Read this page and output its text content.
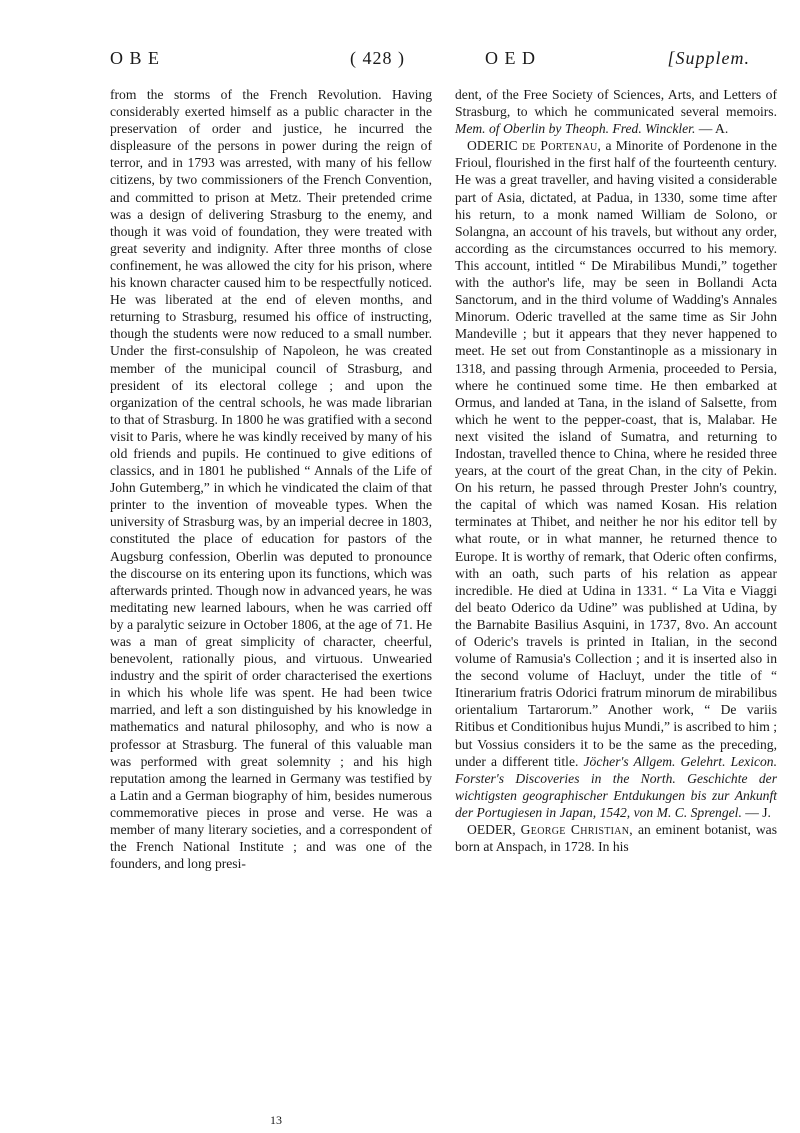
O B E	( 428 )	O E D	[Supplem.

from the storms of the French Revolution. Having considerably exerted himself as a public character in the preservation of order and justice, he incurred the displeasure of the persons in power during the reign of terror, and in 1793 was arrested, with many of his fellow citizens, by two commissioners of the French Convention, and committed to prison at Metz. Their pretended crime was a design of delivering Strasburg to the enemy, and though it was void of foundation, they were treated with great severity and indignity. After three months of close confinement, he was allowed the city for his prison, where his known character caused him to be respectfully noticed. He was liberated at the end of eleven months, and returning to Strasburg, resumed his office of instructing, though the students were now reduced to a small number. Under the first-consulship of Napoleon, he was created member of the municipal council of Strasburg, and president of its electoral college ; and upon the organization of the central schools, he was made librarian to that of Strasburg. In 1800 he was gratified with a second visit to Paris, where he was kindly received by many of his old friends and pupils. He continued to give editions of classics, and in 1801 he published “ Annals of the Life of John Gutemberg,” in which he vindicated the claim of that printer to the invention of moveable types. When the university of Strasburg was, by an imperial decree in 1803, constituted the place of education for pastors of the Augsburg confession, Oberlin was deputed to pronounce the discourse on its entering upon its functions, which was afterwards printed. Though now in advanced years, he was meditating new learned labours, when he was carried off by a paralytic seizure in October 1806, at the age of 71. He was a man of great simplicity of character, cheerful, benevolent, rationally pious, and virtuous. Unwearied industry and the spirit of order characterised the exertions in which his whole life was spent. He had been twice married, and left a son distinguished by his knowledge in mathematics and natural philosophy, and who is now a professor at Strasburg. The funeral of this valuable man was performed with great solemnity ; and his high reputation among the learned in Germany was testified by a Latin and a German biography of him, besides numerous commemorative pieces in prose and verse. He was a member of many literary societies, and a correspondent of the French National Institute ; and was one of the founders, and long presi-

dent, of the Free Society of Sciences, Arts, and Letters of Strasburg, to which he communicated several memoirs. Mem. of Oberlin by Theoph. Fred. Winckler. — A.

ODERIC de Portenau, a Minorite of Pordenone in the Frioul, flourished in the first half of the fourteenth century. He was a great traveller, and having visited a considerable part of Asia, dictated, at Padua, in 1330, some time after his return, to a monk named William de Solono, or Solangna, an account of his travels, but without any order, according as the circumstances occurred to his memory. This account, intitled “ De Mirabilibus Mundi,” together with the author's life, may be seen in Bollandi Acta Sanctorum, and in the third volume of Wadding's Annales Minorum. Oderic travelled at the same time as Sir John Mandeville ; but it appears that they never happened to meet. He set out from Constantinople as a missionary in 1318, and passing through Armenia, proceeded to Persia, where he continued some time. He then embarked at Ormus, and landed at Tana, in the island of Salsette, from which he went to the pepper-coast, that is, Malabar. He next visited the island of Sumatra, and returning to Indostan, travelled thence to China, where he resided three years, at the court of the great Chan, in the city of Pekin. On his return, he passed through Prester John's country, the capital of which was named Kosan. His relation terminates at Thibet, and neither he nor his editor tell by what route, or in what manner, he returned thence to Europe. It is worthy of remark, that Oderic often confirms, with an oath, such parts of his relation as appear incredible. He died at Udina in 1331. “ La Vita e Viaggi del beato Oderico da Udine” was published at Udina, by the Barnabite Basilius Asquini, in 1737, 8vo. An account of Oderic's travels is printed in Italian, in the second volume of Ramusia's Collection ; and it is inserted also in the second volume of Hacluyt, under the title of “ Itinerarium fratris Odorici fratrum minorum de mirabilibus orientalium Tartarorum.” Another work, “ De variis Ritibus et Conditionibus hujus Mundi,” is ascribed to him ; but Vossius considers it to be the same as the preceding, under a different title. Jöcher's Allgem. Gelehrt. Lexicon. Forster's Discoveries in the North. Geschichte der wichtigsten geographischer Entdukungen bis zur Ankunft der Portugiesen in Japan, 1542, von M. C. Sprengel. — J.

OEDER, George Christian, an eminent botanist, was born at Anspach, in 1728. In his

13
